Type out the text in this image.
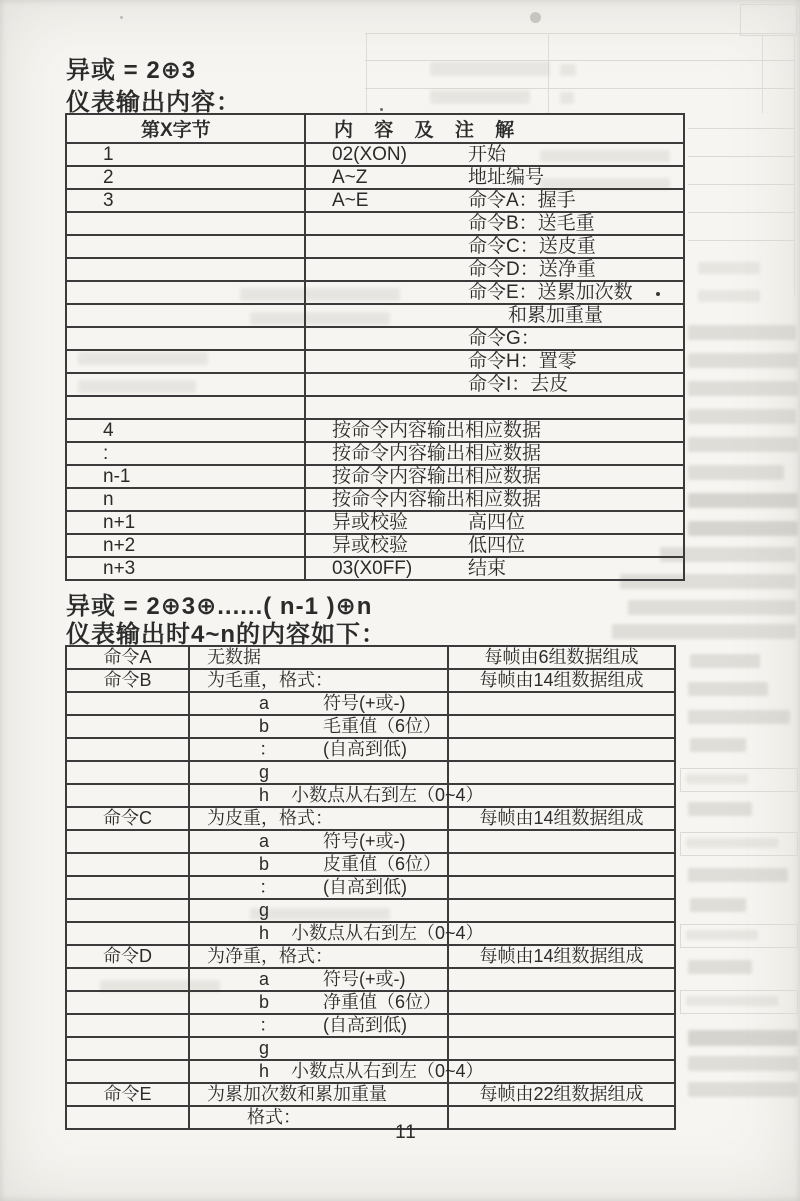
异或 = 2⊕3
仪表输出内容：
第X字节	内 容 及 注 解
1	02(XON) 开始
2	A~Z 地址编号
3	A~E 命令A：握手
	命令B：送毛重
	命令C：送皮重
	命令D：送净重
	命令E：送累加次数
	和累加重量
	命令G：
	命令H：置零
	命令I：去皮

4	按命令内容输出相应数据
:	按命令内容输出相应数据
n-1	按命令内容输出相应数据
n	按命令内容输出相应数据
n+1	异或校验 高四位
n+2	异或校验 低四位
n+3	03(X0FF) 结束
异或 = 2⊕3⊕......( n-1 )⊕n
仪表输出时4~n的内容如下：
命令A	无数据	每帧由6组数据组成
命令B	为毛重，格式：	每帧由14组数据组成
	a 符号(+或-)	
	b 毛重值（6位）	
	： (自高到低)	
	g	
	h 小数点从右到左（0~4）	
命令C	为皮重，格式：	每帧由14组数据组成
	a 符号(+或-)	
	b 皮重值（6位）	
	： (自高到低)	
	g	
	h 小数点从右到左（0~4）	
命令D	为净重，格式：	每帧由14组数据组成
	a 符号(+或-)	
	b 净重值（6位）	
	： (自高到低)	
	g	
	h 小数点从右到左（0~4）	
命令E	为累加次数和累加重量	每帧由22组数据组成
	格式：	
11
